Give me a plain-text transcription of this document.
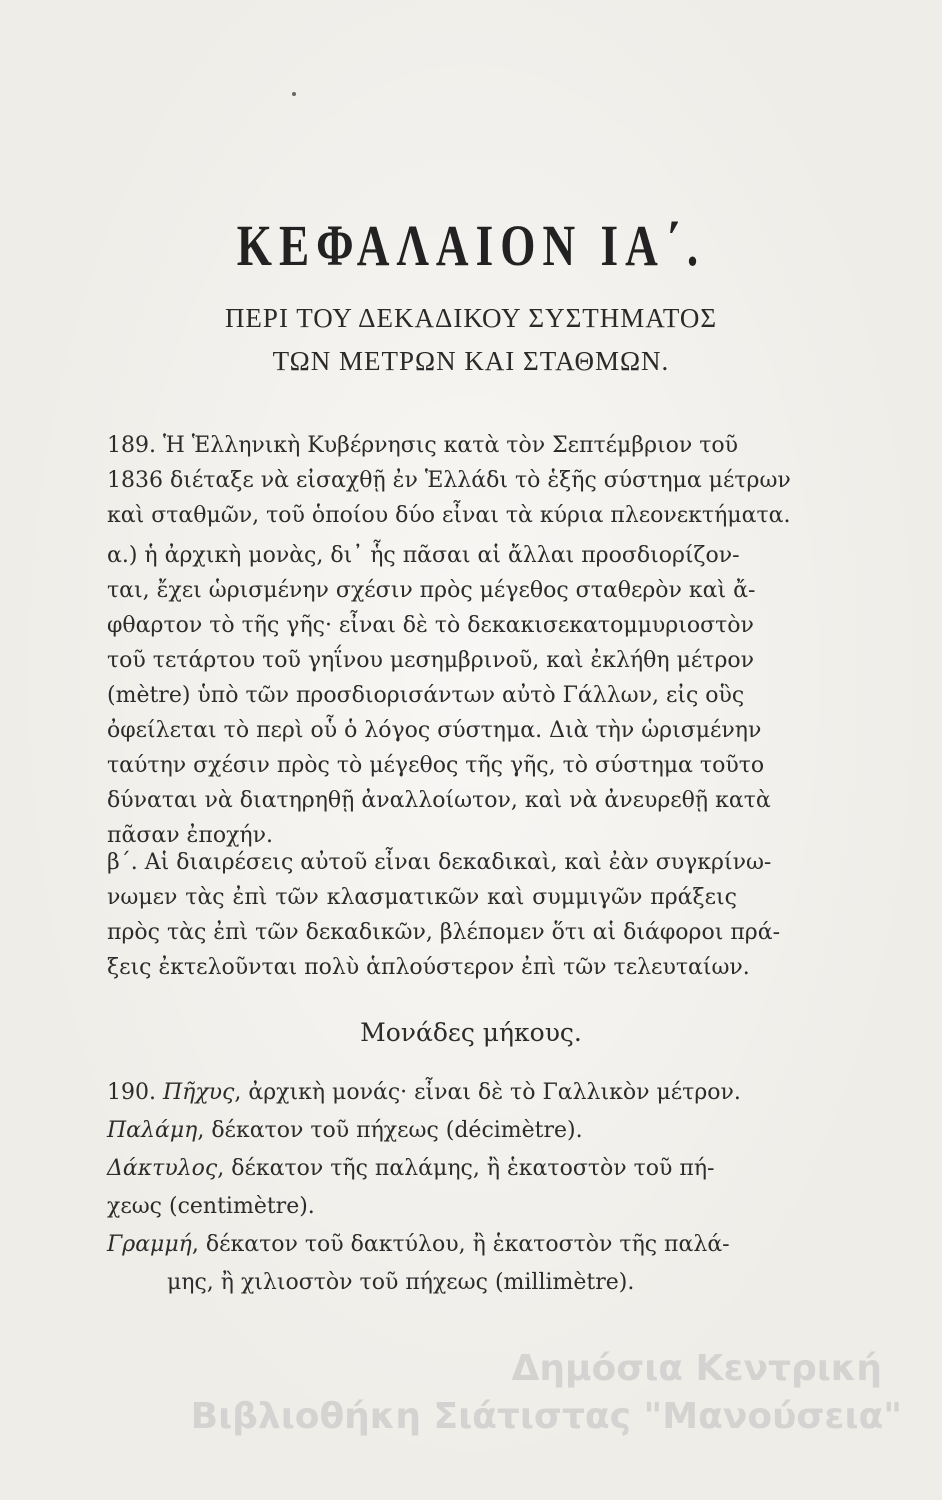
ΚΕΦΑΛΑΙΟΝ ΙΑ΄.
ΠΕΡΙ ΤΟΥ ΔΕΚΑΔΙΚΟΥ ΣΥΣΤΗΜΑΤΟΣ
ΤΩΝ ΜΕΤΡΩΝ ΚΑΙ ΣΤΑΘΜΩΝ.
189. Ἡ Ἑλληνικὴ Κυβέρνησις κατὰ τὸν Σεπτέμβριον τοῦ
1836 διέταξε νὰ εἰσαχθῇ ἐν Ἑλλάδι τὸ ἑξῆς σύστημα μέτρων
καὶ σταθμῶν, τοῦ ὁποίου δύο εἶναι τὰ κύρια πλεονεκτήματα.
α.) ἡ ἀρχικὴ μονὰς, δι᾽ ἧς πᾶσαι αἱ ἄλλαι προσδιορίζον-
ται, ἔχει ὡρισμένην σχέσιν πρὸς μέγεθος σταθερὸν καὶ ἄ-
φθαρτον τὸ τῆς γῆς· εἶναι δὲ τὸ δεκακισεκατομμυριοστὸν
τοῦ τετάρτου τοῦ γηΐνου μεσημβρινοῦ, καὶ ἐκλήθη μέτρον
(mètre) ὑπὸ τῶν προσδιορισάντων αὐτὸ Γάλλων, εἰς οὓς
ὀφείλεται τὸ περὶ οὗ ὁ λόγος σύστημα. Διὰ τὴν ὡρισμένην
ταύτην σχέσιν πρὸς τὸ μέγεθος τῆς γῆς, τὸ σύστημα τοῦτο
δύναται νὰ διατηρηθῇ ἀναλλοίωτον, καὶ νὰ ἀνευρεθῇ κατὰ
πᾶσαν ἐποχήν.
β΄. Αἱ διαιρέσεις αὐτοῦ εἶναι δεκαδικαὶ, καὶ ἐὰν συγκρίνω-
νωμεν τὰς ἐπὶ τῶν κλασματικῶν καὶ συμμιγῶν πράξεις
πρὸς τὰς ἐπὶ τῶν δεκαδικῶν, βλέπομεν ὅτι αἱ διάφοροι πρά-
ξεις ἐκτελοῦνται πολὺ ἁπλούστερον ἐπὶ τῶν τελευταίων.
Μονάδες μήκους.
190. Πῆχυς, ἀρχικὴ μονάς· εἶναι δὲ τὸ Γαλλικὸν μέτρον.
Παλάμη, δέκατον τοῦ πήχεως (décimètre).
Δάκτυλος, δέκατον τῆς παλάμης, ἢ ἑκατοστὸν τοῦ πή-
χεως (centimètre).
Γραμμή, δέκατον τοῦ δακτύλου, ἢ ἑκατοστὸν τῆς παλά-
μης, ἢ χιλιοστὸν τοῦ πήχεως (millimètre).
Δημόσια Κεντρική
Βιβλιοθήκη Σιάτιστας "Μανούσεια"
